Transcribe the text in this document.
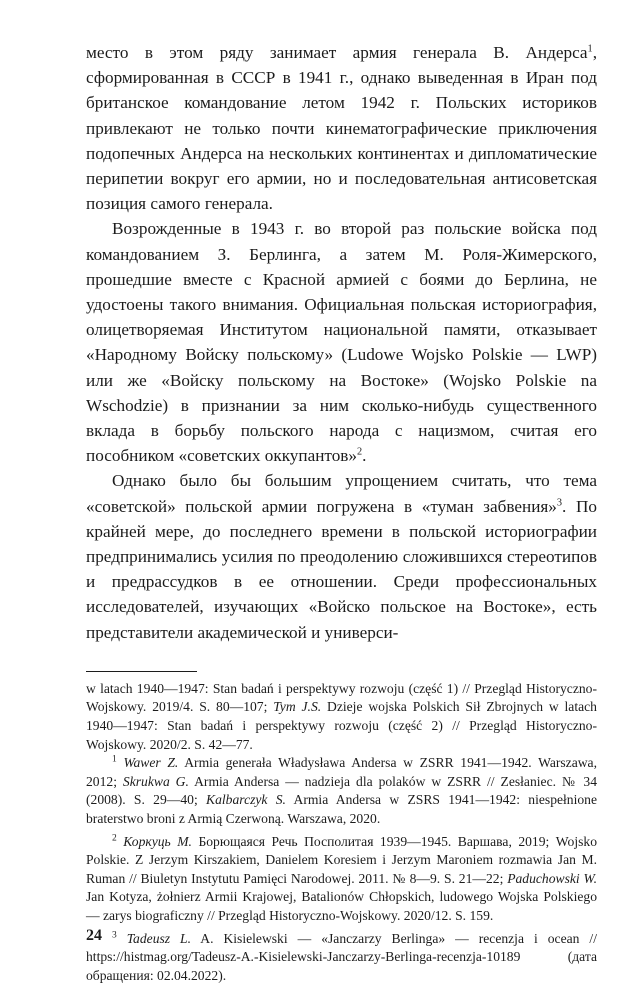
место в этом ряду занимает армия генерала В. Андерса$^1$, сформированная в СССР в 1941 г., однако выведенная в Иран под британское командование летом 1942 г. Польских историков привлекают не только почти кинематографические приключения подопечных Андерса на нескольких континентах и дипломатические перипетии вокруг его армии, но и последовательная антисоветская позиция самого генерала.

Возрожденные в 1943 г. во второй раз польские войска под командованием З. Берлинга, а затем М. Роля-Жимерского, прошедшие вместе с Красной армией с боями до Берлина, не удостоены такого внимания. Официальная польская историография, олицетворяемая Институтом национальной памяти, отказывает «Народному Войску польскому» (Ludowe Wojsko Polskie — LWP) или же «Войску польскому на Востоке» (Wojsko Polskie na Wschodzie) в признании за ним сколько-нибудь существенного вклада в борьбу польского народа с нацизмом, считая его пособником «советских оккупантов»$^2$.

Однако было бы большим упрощением считать, что тема «советской» польской армии погружена в «туман забвения»$^3$. По крайней мере, до последнего времени в польской историографии предпринимались усилия по преодолению сложившихся стереотипов и предрассудков в ее отношении. Среди профессиональных исследователей, изучающих «Войско польское на Востоке», есть представители академической и универси-

w latach 1940—1947: Stan badań i perspektywy rozwoju (część 1) // Przegląd Historyczno-Wojskowy. 2019/4. S. 80—107; Tym J.S. Dzieje wojska Polskich Sił Zbrojnych w latach 1940—1947: Stan badań i perspektywy rozwoju (część 2) // Przegląd Historyczno-Wojskowy. 2020/2. S. 42—77.

$^1$ Wawer Z. Armia generała Władysława Andersa w ZSRR 1941—1942. Warszawa, 2012; Skrukwa G. Armia Andersa — nadzieja dla polaków w ZSRR // Zesłaniec. № 34 (2008). S. 29—40; Kalbarczyk S. Armia Andersa w ZSRS 1941—1942: niespełnione braterstwo broni z Armią Czerwoną. Warszawa, 2020.

$^2$ Коркуць М. Борющаяся Речь Посполитая 1939—1945. Варшава, 2019; Wojsko Polskie. Z Jerzym Kirszakiem, Danielem Koresiem i Jerzym Maroniem rozmawia Jan M. Ruman // Biuletyn Instytutu Pamięci Narodowej. 2011. № 8—9. S. 21—22; Paduchowski W. Jan Kotyza, żołnierz Armii Krajowej, Batalionów Chłopskich, ludowego Wojska Polskiego — zarys biograficzny // Przegląd Historyczno-Wojskowy. 2020/12. S. 159.

$^3$ Tadeusz L. A. Kisielewski — «Janczarzy Berlinga» — recenzja i ocean // https://histmag.org/Tadeusz-A.-Kisielewski-Janczarzy-Berlinga-recenzja-10189 (дата обращения: 02.04.2022).

24
